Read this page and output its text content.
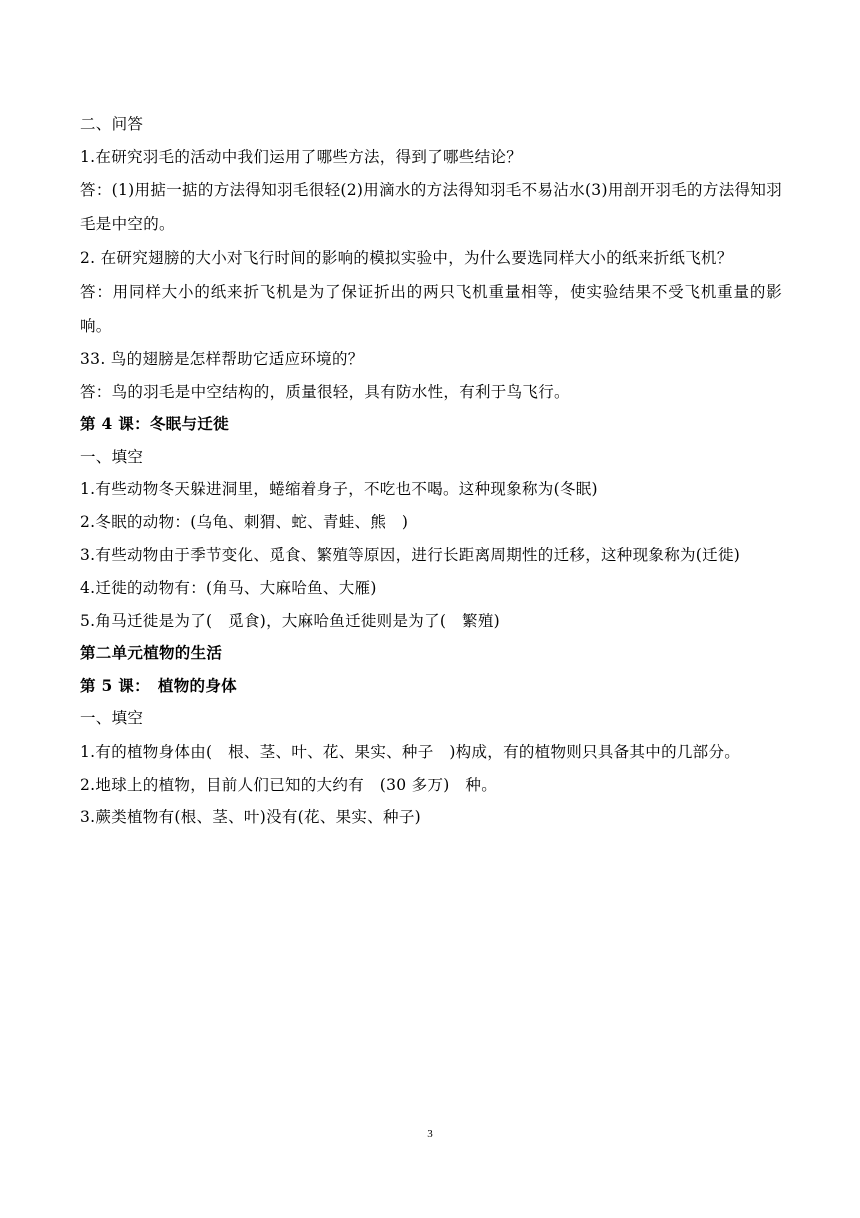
二、问答
1.在研究羽毛的活动中我们运用了哪些方法，得到了哪些结论？
答：(1)用掂一掂的方法得知羽毛很轻(2)用滴水的方法得知羽毛不易沾水(3)用剖开羽毛的方法得知羽毛是中空的。
2. 在研究翅膀的大小对飞行时间的影响的模拟实验中，为什么要选同样大小的纸来折纸飞机？
答：用同样大小的纸来折飞机是为了保证折出的两只飞机重量相等，使实验结果不受飞机重量的影响。
33. 鸟的翅膀是怎样帮助它适应环境的？
答：鸟的羽毛是中空结构的，质量很轻，具有防水性，有利于鸟飞行。
第 4 课：冬眠与迁徙
一、填空
1.有些动物冬天躲进洞里，蜷缩着身子，不吃也不喝。这种现象称为(冬眠)
2.冬眠的动物：(乌龟、刺猬、蛇、青蛙、熊　)
3.有些动物由于季节变化、觅食、繁殖等原因，进行长距离周期性的迁移，这种现象称为(迁徙)
4.迁徙的动物有：(角马、大麻哈鱼、大雁)
5.角马迁徙是为了(　觅食)，大麻哈鱼迁徙则是为了(　繁殖)
第二单元植物的生活
第 5 课：　植物的身体
一、填空
1.有的植物身体由(　根、茎、叶、花、果实、种子　)构成，有的植物则只具备其中的几部分。
2.地球上的植物，目前人们已知的大约有　(30 多万)　种。
3.蕨类植物有(根、茎、叶)没有(花、果实、种子)
3
